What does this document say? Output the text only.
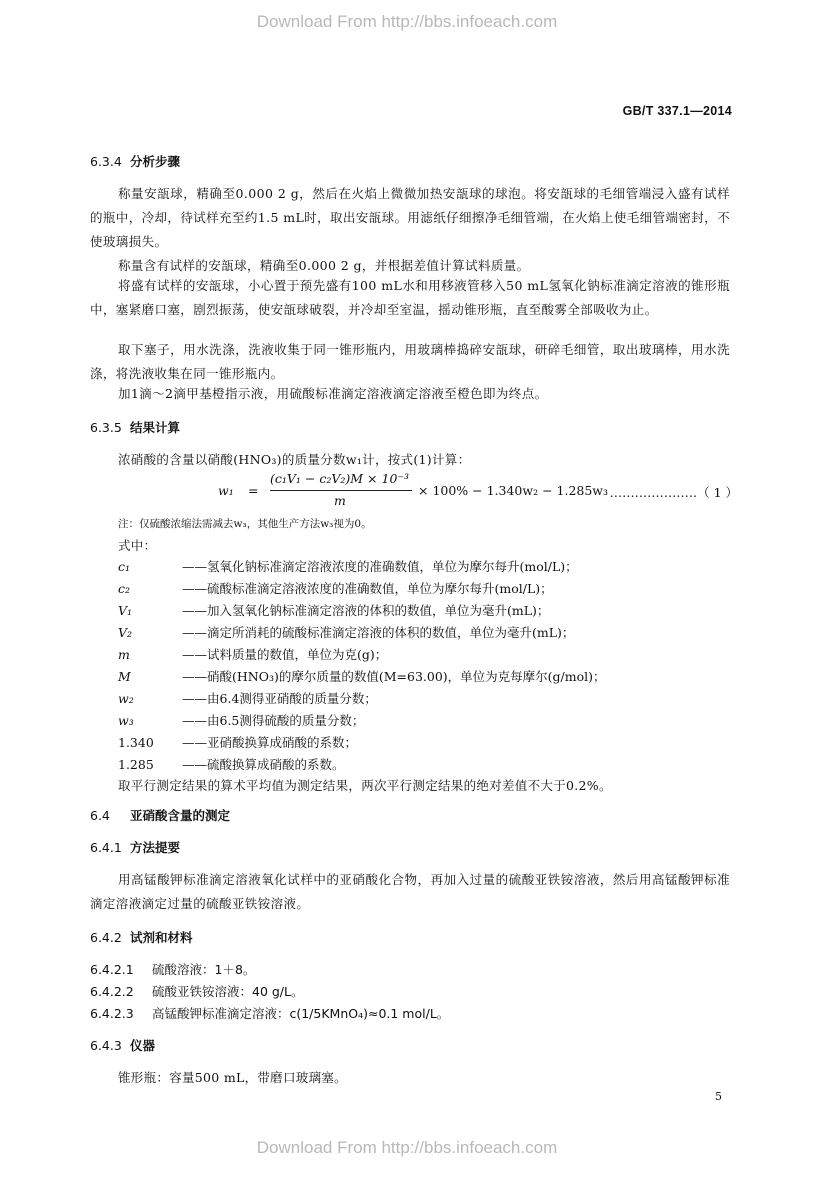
Download From http://bbs.infoeach.com
GB/T 337.1—2014
6.3.4 分析步骤
称量安瓿球，精确至0.000 2 g，然后在火焰上微微加热安瓿球的球泡。将安瓿球的毛细管端浸入盛有试样的瓶中，冷却，待试样充至约1.5 mL时，取出安瓿球。用滤纸仔细擦净毛细管端，在火焰上使毛细管端密封，不使玻璃损失。
称量含有试样的安瓿球，精确至0.000 2 g，并根据差值计算试料质量。
将盛有试样的安瓿球，小心置于预先盛有100 mL水和用移液管移入50 mL氢氧化钠标准滴定溶液的锥形瓶中，塞紧磨口塞，剧烈振荡，使安瓿球破裂，并冷却至室温，摇动锥形瓶，直至酸雾全部吸收为止。
取下塞子，用水洗涤，洗液收集于同一锥形瓶内，用玻璃棒捣碎安瓿球，研碎毛细管，取出玻璃棒，用水洗涤，将洗液收集在同一锥形瓶内。
加1滴～2滴甲基橙指示液，用硫酸标准滴定溶液滴定溶液至橙色即为终点。
6.3.5 结果计算
浓硝酸的含量以硝酸(HNO₃)的质量分数w₁计，按式(1)计算：
w₁ =
(c₁V₁ − c₂V₂)M × 10⁻³
m
× 100% − 1.340w₂ − 1.285w₃ …………………（ 1 ）
注：仅硫酸浓缩法需减去w₃，其他生产方法w₃视为0。
式中：
c₁	——氢氧化钠标准滴定溶液浓度的准确数值，单位为摩尔每升(mol/L)；
c₂	——硫酸标准滴定溶液浓度的准确数值，单位为摩尔每升(mol/L)；
V₁	——加入氢氧化钠标准滴定溶液的体积的数值，单位为毫升(mL)；
V₂	——滴定所消耗的硫酸标准滴定溶液的体积的数值，单位为毫升(mL)；
m	——试料质量的数值，单位为克(g)；
M	——硝酸(HNO₃)的摩尔质量的数值(M=63.00)，单位为克每摩尔(g/mol)；
w₂	——由6.4测得亚硝酸的质量分数；
w₃	——由6.5测得硫酸的质量分数；
1.340 ——亚硝酸换算成硝酸的系数；
1.285 ——硫酸换算成硝酸的系数。
取平行测定结果的算术平均值为测定结果，两次平行测定结果的绝对差值不大于0.2%。
6.4 亚硝酸含量的测定
6.4.1 方法提要
用高锰酸钾标准滴定溶液氧化试样中的亚硝酸化合物，再加入过量的硫酸亚铁铵溶液，然后用高锰酸钾标准滴定溶液滴定过量的硫酸亚铁铵溶液。
6.4.2 试剂和材料
6.4.2.1 硫酸溶液：1＋8。
6.4.2.2 硫酸亚铁铵溶液：40 g/L。
6.4.2.3 高锰酸钾标准滴定溶液：c(1/5KMnO₄)≈0.1 mol/L。
6.4.3 仪器
锥形瓶：容量500 mL，带磨口玻璃塞。
5
Download From http://bbs.infoeach.com
